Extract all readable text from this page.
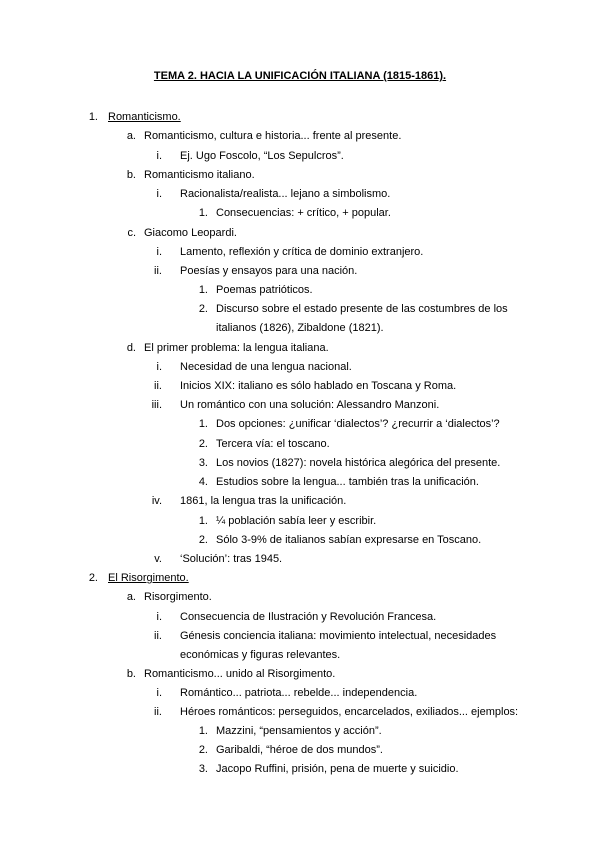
TEMA 2. HACIA LA UNIFICACIÓN ITALIANA (1815-1861).
1. Romanticismo.
a. Romanticismo, cultura e historia... frente al presente.
i. Ej. Ugo Foscolo, “Los Sepulcros”.
b. Romanticismo italiano.
i. Racionalista/realista... lejano a simbolismo.
1. Consecuencias: + crítico, + popular.
c. Giacomo Leopardi.
i. Lamento, reflexión y crítica de dominio extranjero.
ii. Poesías y ensayos para una nación.
1. Poemas patrióticos.
2. Discurso sobre el estado presente de las costumbres de los
italianos (1826), Zibaldone (1821).
d. El primer problema: la lengua italiana.
i. Necesidad de una lengua nacional.
ii. Inicios XIX: italiano es sólo hablado en Toscana y Roma.
iii. Un romántico con una solución: Alessandro Manzoni.
1. Dos opciones: ¿unificar ‘dialectos’? ¿recurrir a ‘dialectos’?
2. Tercera vía: el toscano.
3. Los novios (1827): novela histórica alegórica del presente.
4. Estudios sobre la lengua... también tras la unificación.
iv. 1861, la lengua tras la unificación.
1. ¼ población sabía leer y escribir.
2. Sólo 3-9% de italianos sabían expresarse en Toscano.
v. ‘Solución’: tras 1945.
2. El Risorgimento.
a. Risorgimento.
i. Consecuencia de Ilustración y Revolución Francesa.
ii. Génesis conciencia italiana: movimiento intelectual, necesidades
económicas y figuras relevantes.
b. Romanticismo... unido al Risorgimento.
i. Romántico... patriota... rebelde... independencia.
ii. Héroes románticos: perseguidos, encarcelados, exiliados... ejemplos:
1. Mazzini, “pensamientos y acción”.
2. Garibaldi, “héroe de dos mundos”.
3. Jacopo Ruffini, prisión, pena de muerte y suicidio.
